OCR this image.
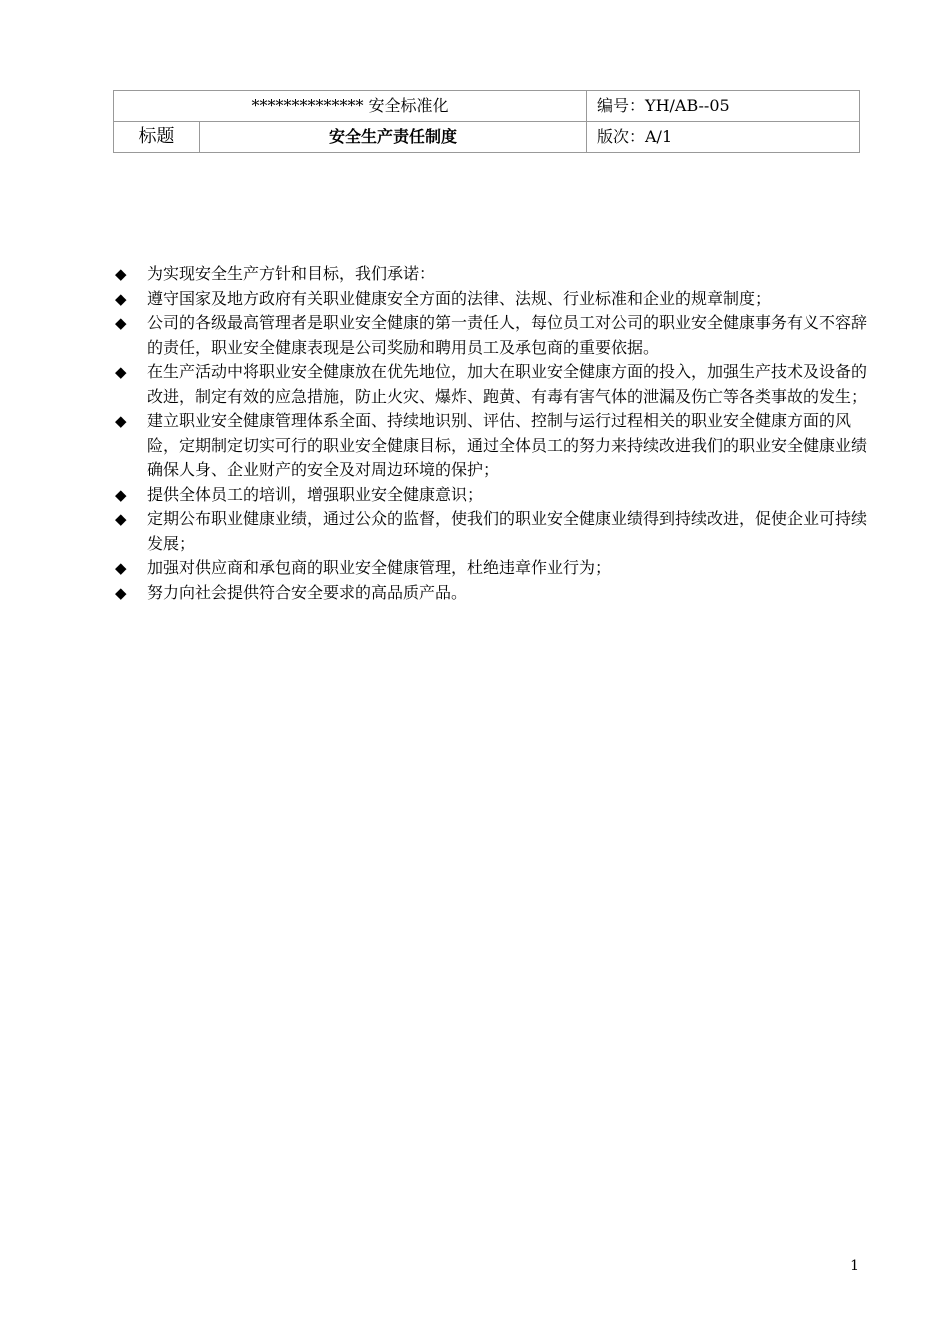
************** 安全标准化		编号：YH/AB--05
标题	安全生产责任制度	版次：A/1
◆ 为实现安全生产方针和目标，我们承诺：
◆ 遵守国家及地方政府有关职业健康安全方面的法律、法规、行业标准和企业的规章制度；
◆ 公司的各级最高管理者是职业安全健康的第一责任人，每位员工对公司的职业安全健康事务有义不容辞的责任，职业安全健康表现是公司奖励和聘用员工及承包商的重要依据。
◆ 在生产活动中将职业安全健康放在优先地位，加大在职业安全健康方面的投入，加强生产技术及设备的改进，制定有效的应急措施，防止火灾、爆炸、跑黄、有毒有害气体的泄漏及伤亡等各类事故的发生；
◆ 建立职业安全健康管理体系全面、持续地识别、评估、控制与运行过程相关的职业安全健康方面的风险，定期制定切实可行的职业安全健康目标，通过全体员工的努力来持续改进我们的职业安全健康业绩确保人身、企业财产的安全及对周边环境的保护；
◆ 提供全体员工的培训，增强职业安全健康意识；
◆ 定期公布职业健康业绩，通过公众的监督，使我们的职业安全健康业绩得到持续改进，促使企业可持续发展；
◆ 加强对供应商和承包商的职业安全健康管理，杜绝违章作业行为；
◆ 努力向社会提供符合安全要求的高品质产品。
1
